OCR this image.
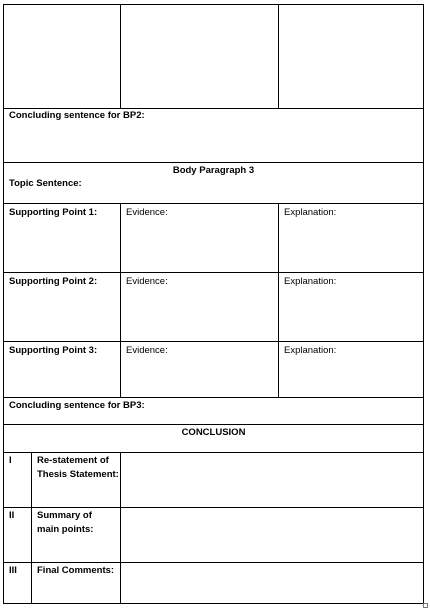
Concluding sentence for BP2:
Body Paragraph 3
Topic Sentence:
Supporting Point 1:	Evidence:	Explanation:
Supporting Point 2:	Evidence:	Explanation:
Supporting Point 3:	Evidence:	Explanation:
Concluding sentence for BP3:
CONCLUSION
I	Re-statement of Thesis Statement:
II Summary of main points:
III Final Comments:
